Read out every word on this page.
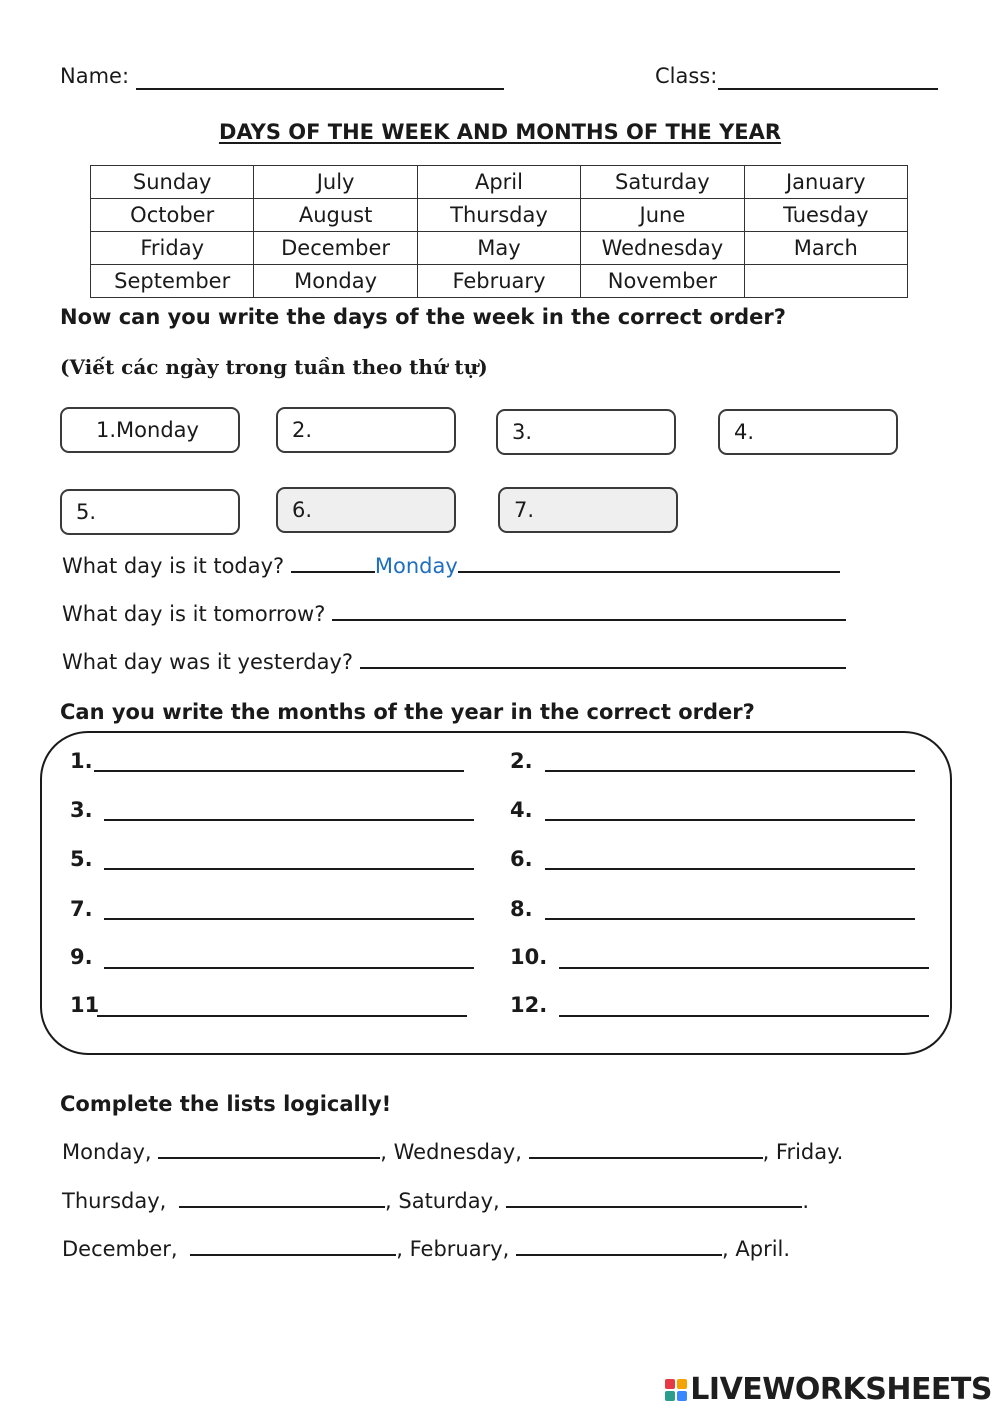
Name:	Class:
DAYS OF THE WEEK AND MONTHS OF THE YEAR
Sunday	July	April	Saturday	January
October	August	Thursday	June	Tuesday
Friday	December	May	Wednesday	March
September	Monday	February	November	
Now can you write the days of the week in the correct order?
(Viết các ngày trong tuần theo thứ tự)
1.Monday	2.	3.	4.
5.	6.	7.
What day is it today?	Monday
What day is it tomorrow?
What day was it yesterday?
Can you write the months of the year in the correct order?
1.	2.
3.	4.
5.	6.
7.	8.
9.	10.
11	12.
Complete the lists logically!
Monday,	, Wednesday,	, Friday.
Thursday,	, Saturday,	.
December,	, February,	, April.
LIVEWORKSHEETS
